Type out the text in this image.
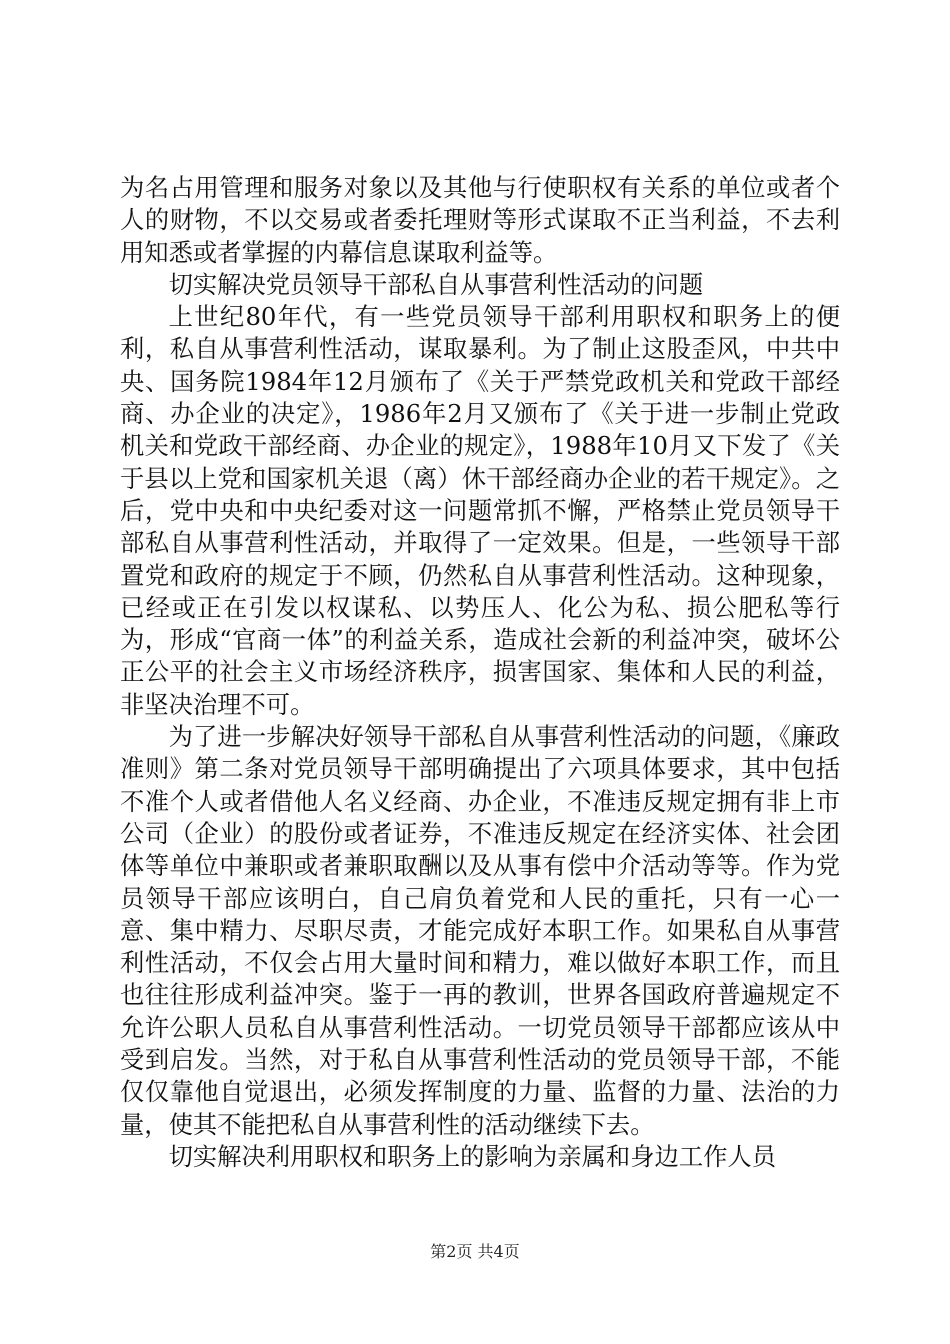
为名占用管理和服务对象以及其他与行使职权有关系的单位或者个人的财物，不以交易或者委托理财等形式谋取不正当利益，不去利用知悉或者掌握的内幕信息谋取利益等。

切实解决党员领导干部私自从事营利性活动的问题

上世纪80年代，有一些党员领导干部利用职权和职务上的便利，私自从事营利性活动，谋取暴利。为了制止这股歪风，中共中央、国务院1984年12月颁布了《关于严禁党政机关和党政干部经商、办企业的决定》，1986年2月又颁布了《关于进一步制止党政机关和党政干部经商、办企业的规定》，1988年10月又下发了《关于县以上党和国家机关退（离）休干部经商办企业的若干规定》。之后，党中央和中央纪委对这一问题常抓不懈，严格禁止党员领导干部私自从事营利性活动，并取得了一定效果。但是，一些领导干部置党和政府的规定于不顾，仍然私自从事营利性活动。这种现象，已经或正在引发以权谋私、以势压人、化公为私、损公肥私等行为，形成“官商一体”的利益关系，造成社会新的利益冲突，破坏公正公平的社会主义市场经济秩序，损害国家、集体和人民的利益，非坚决治理不可。

为了进一步解决好领导干部私自从事营利性活动的问题，《廉政准则》第二条对党员领导干部明确提出了六项具体要求，其中包括不准个人或者借他人名义经商、办企业，不准违反规定拥有非上市公司（企业）的股份或者证券，不准违反规定在经济实体、社会团体等单位中兼职或者兼职取酬以及从事有偿中介活动等等。作为党员领导干部应该明白，自己肩负着党和人民的重托，只有一心一意、集中精力、尽职尽责，才能完成好本职工作。如果私自从事营利性活动，不仅会占用大量时间和精力，难以做好本职工作，而且也往往形成利益冲突。鉴于一再的教训，世界各国政府普遍规定不允许公职人员私自从事营利性活动。一切党员领导干部都应该从中受到启发。当然，对于私自从事营利性活动的党员领导干部，不能仅仅靠他自觉退出，必须发挥制度的力量、监督的力量、法治的力量，使其不能把私自从事营利性的活动继续下去。

切实解决利用职权和职务上的影响为亲属和身边工作人员

第2页 共4页
